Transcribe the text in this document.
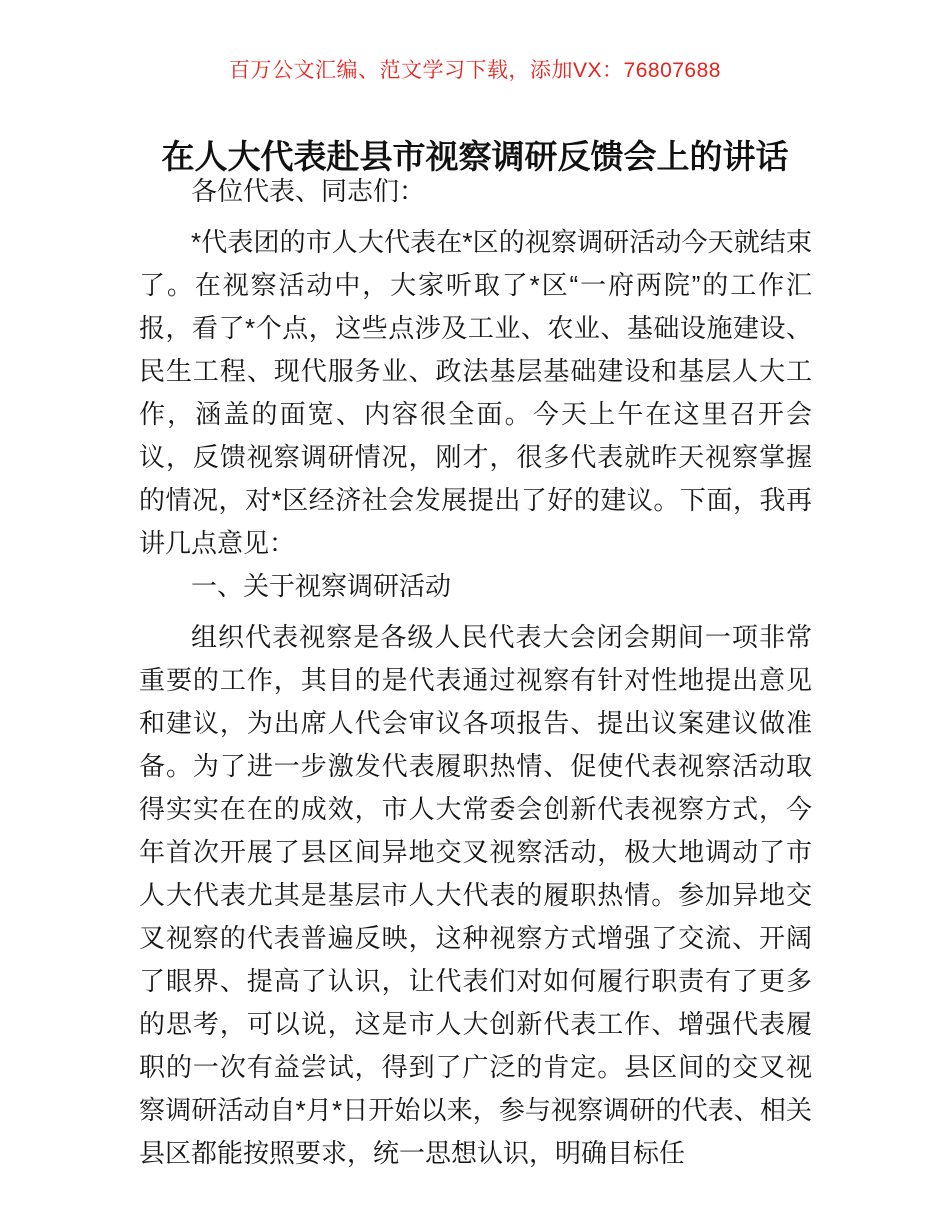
百万公文汇编、范文学习下载，添加VX：76807688
在人大代表赴县市视察调研反馈会上的讲话

各位代表、同志们：

*代表团的市人大代表在*区的视察调研活动今天就结束了。在视察活动中，大家听取了*区“一府两院”的工作汇报，看了*个点，这些点涉及工业、农业、基础设施建设、民生工程、现代服务业、政法基层基础建设和基层人大工作，涵盖的面宽、内容很全面。今天上午在这里召开会议，反馈视察调研情况，刚才，很多代表就昨天视察掌握的情况，对*区经济社会发展提出了好的建议。下面，我再讲几点意见：

一、关于视察调研活动

组织代表视察是各级人民代表大会闭会期间一项非常重要的工作，其目的是代表通过视察有针对性地提出意见和建议，为出席人代会审议各项报告、提出议案建议做准备。为了进一步激发代表履职热情、促使代表视察活动取得实实在在的成效，市人大常委会创新代表视察方式，今年首次开展了县区间异地交叉视察活动，极大地调动了市人大代表尤其是基层市人大代表的履职热情。参加异地交叉视察的代表普遍反映，这种视察方式增强了交流、开阔了眼界、提高了认识，让代表们对如何履行职责有了更多的思考，可以说，这是市人大创新代表工作、增强代表履职的一次有益尝试，得到了广泛的肯定。县区间的交叉视察调研活动自*月*日开始以来，参与视察调研的代表、相关县区都能按照要求，统一思想认识，明确目标任
